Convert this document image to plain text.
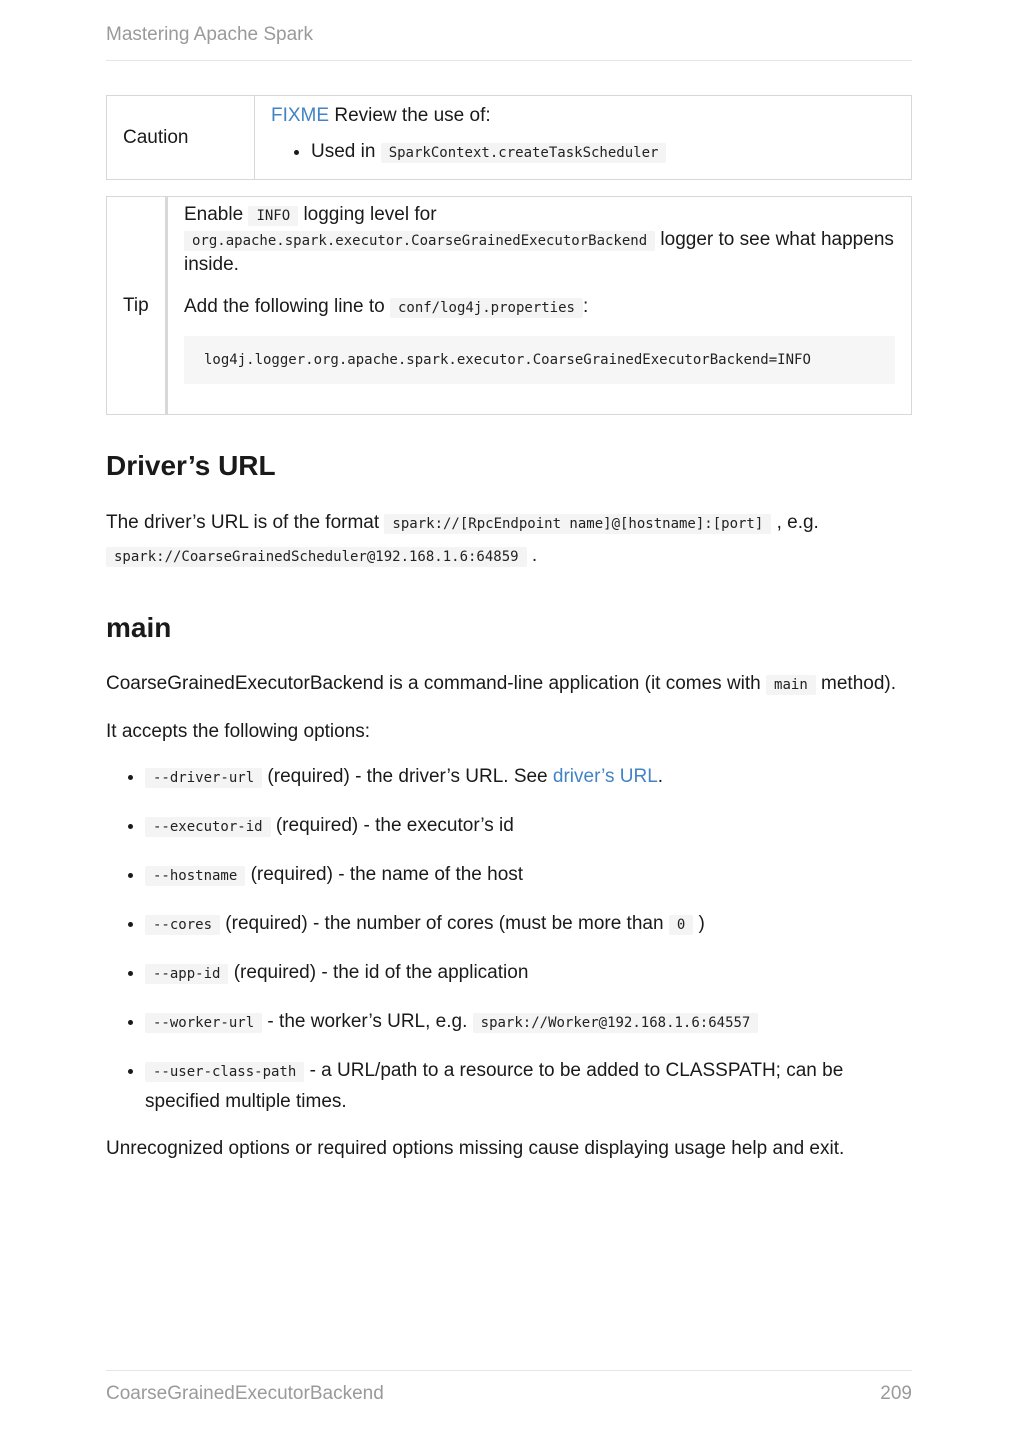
Mastering Apache Spark
Caution	
FIXME Review the use of:
• Used in SparkContext.createTaskScheduler
Tip	

Enable INFO logging level for
org.apache.spark.executor.CoarseGrainedExecutorBackend logger to see what happens inside.

Add the following line to conf/log4j.properties :

log4j.logger.org.apache.spark.executor.CoarseGrainedExecutorBackend=INFO
Driver’s URL

The driver’s URL is of the format spark://[RpcEndpoint name]@[hostname]:[port] , e.g.
spark://CoarseGrainedScheduler@192.168.1.6:64859 .

main

CoarseGrainedExecutorBackend is a command-line application (it comes with main method).

It accepts the following options:

• --driver-url (required) - the driver’s URL. See driver’s URL.
• --executor-id (required) - the executor’s id
• --hostname (required) - the name of the host
• --cores (required) - the number of cores (must be more than 0 )
• --app-id (required) - the id of the application
• --worker-url - the worker’s URL, e.g. spark://Worker@192.168.1.6:64557
• --user-class-path - a URL/path to a resource to be added to CLASSPATH; can be specified multiple times.

Unrecognized options or required options missing cause displaying usage help and exit.

CoarseGrainedExecutorBackend	209
